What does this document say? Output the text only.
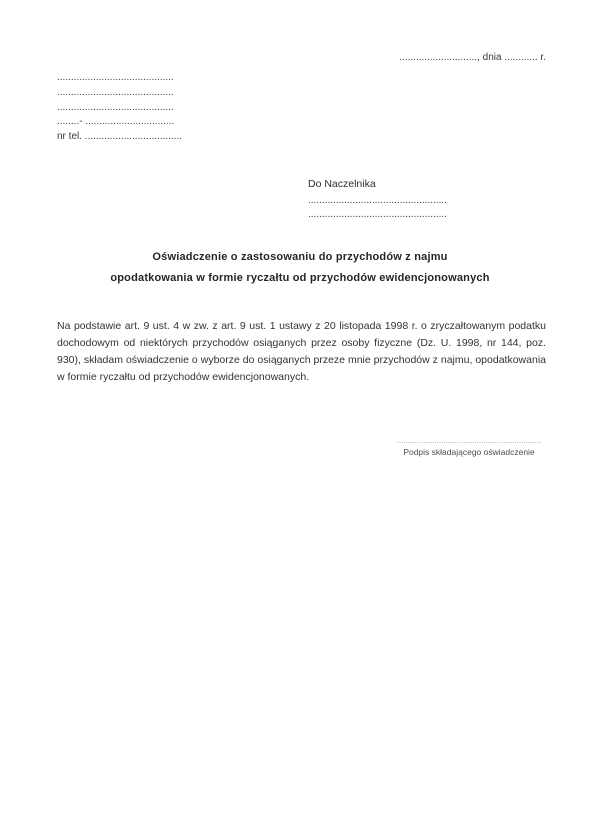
............................, dnia ............ r.
..........................................
..........................................
..........................................
........- ................................
nr tel. ...................................
Do Naczelnika
..................................................
..................................................
Oświadczenie o zastosowaniu do przychodów z najmu
opodatkowania w formie ryczałtu od przychodów ewidencjonowanych
Na podstawie art. 9 ust. 4 w zw. z art. 9 ust. 1 ustawy z 20 listopada 1998 r. o zryczałtowanym podatku dochodowym od niektórych przychodów osiąganych przez osoby fizyczne (Dz. U. 1998, nr 144, poz. 930), składam oświadczenie o wyborze do osiąganych przeze mnie przychodów z najmu, opodatkowania w formie ryczałtu od przychodów ewidencjonowanych.
.................................................................
Podpis składającego oświadczenie
